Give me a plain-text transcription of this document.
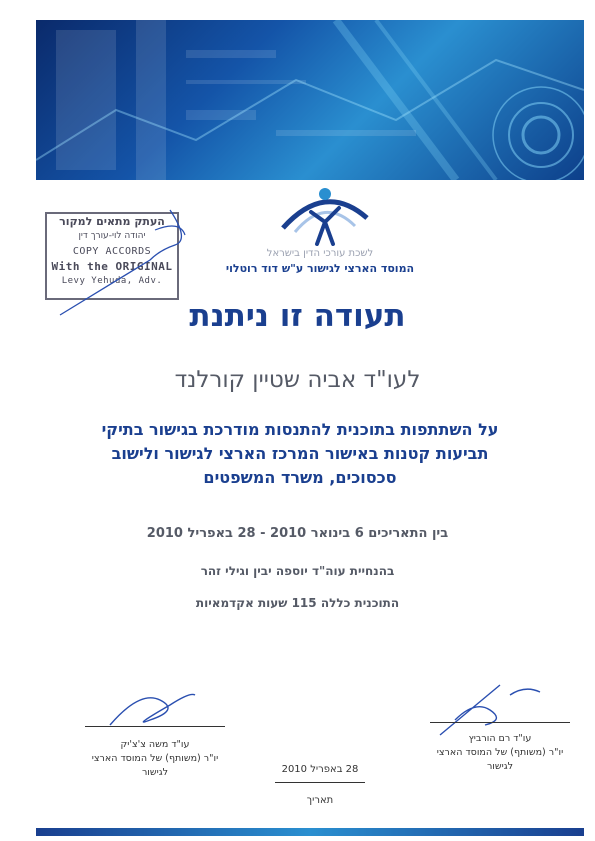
לשכת עורכי הדין בישראל
המוסד הארצי לגישור ע"ש דוד רוטלוי
העתק מתאים למקור
יהודה לוי-עורך דין
COPY ACCORDS
With the ORIGINAL
Levy Yehuda, Adv.
תעודה זו ניתנת
לעו"ד אביה שטיין קורלנד
על השתתפות בתוכנית להתנסות מודרכת בגישור בתיקי תביעות קטנות באישור המרכז הארצי לגישור ולישוב סכסוכים, משרד המשפטים
בין התאריכים 6 בינואר 2010 - 28 באפריל 2010
בהנחיית עוה"ד יוספה יבין וגילי זהר
התוכנית כללה 115 שעות אקדמאיות
עו"ד משה צ'צ'יק
יו"ר (משותף) של המוסד הארצי
לגישור
עו"ד רם הורביץ
יו"ר (משותף) של המוסד הארצי
לגישור
28 באפריל 2010
תאריך
